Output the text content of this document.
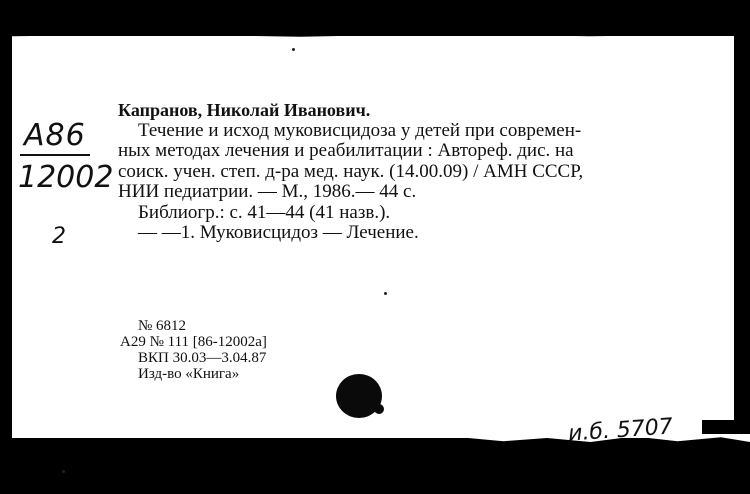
А86
12002
2
Капранов, Николай Иванович.
Течение и исход муковисцидоза у детей при современ-
ных методах лечения и реабилитации : Автореф. дис. на
соиск. учен. степ. д-ра мед. наук. (14.00.09) / АМН СССР,
НИИ педиатрии. — М., 1986.— 44 с.
Библиогр.: с. 41—44 (41 назв.).
— —1. Муковисцидоз — Лечение.
№ 6812
А29 № 111 [86-12002а]
ВКП 30.03—3.04.87
Изд-во «Книга»
и.б. 5707
